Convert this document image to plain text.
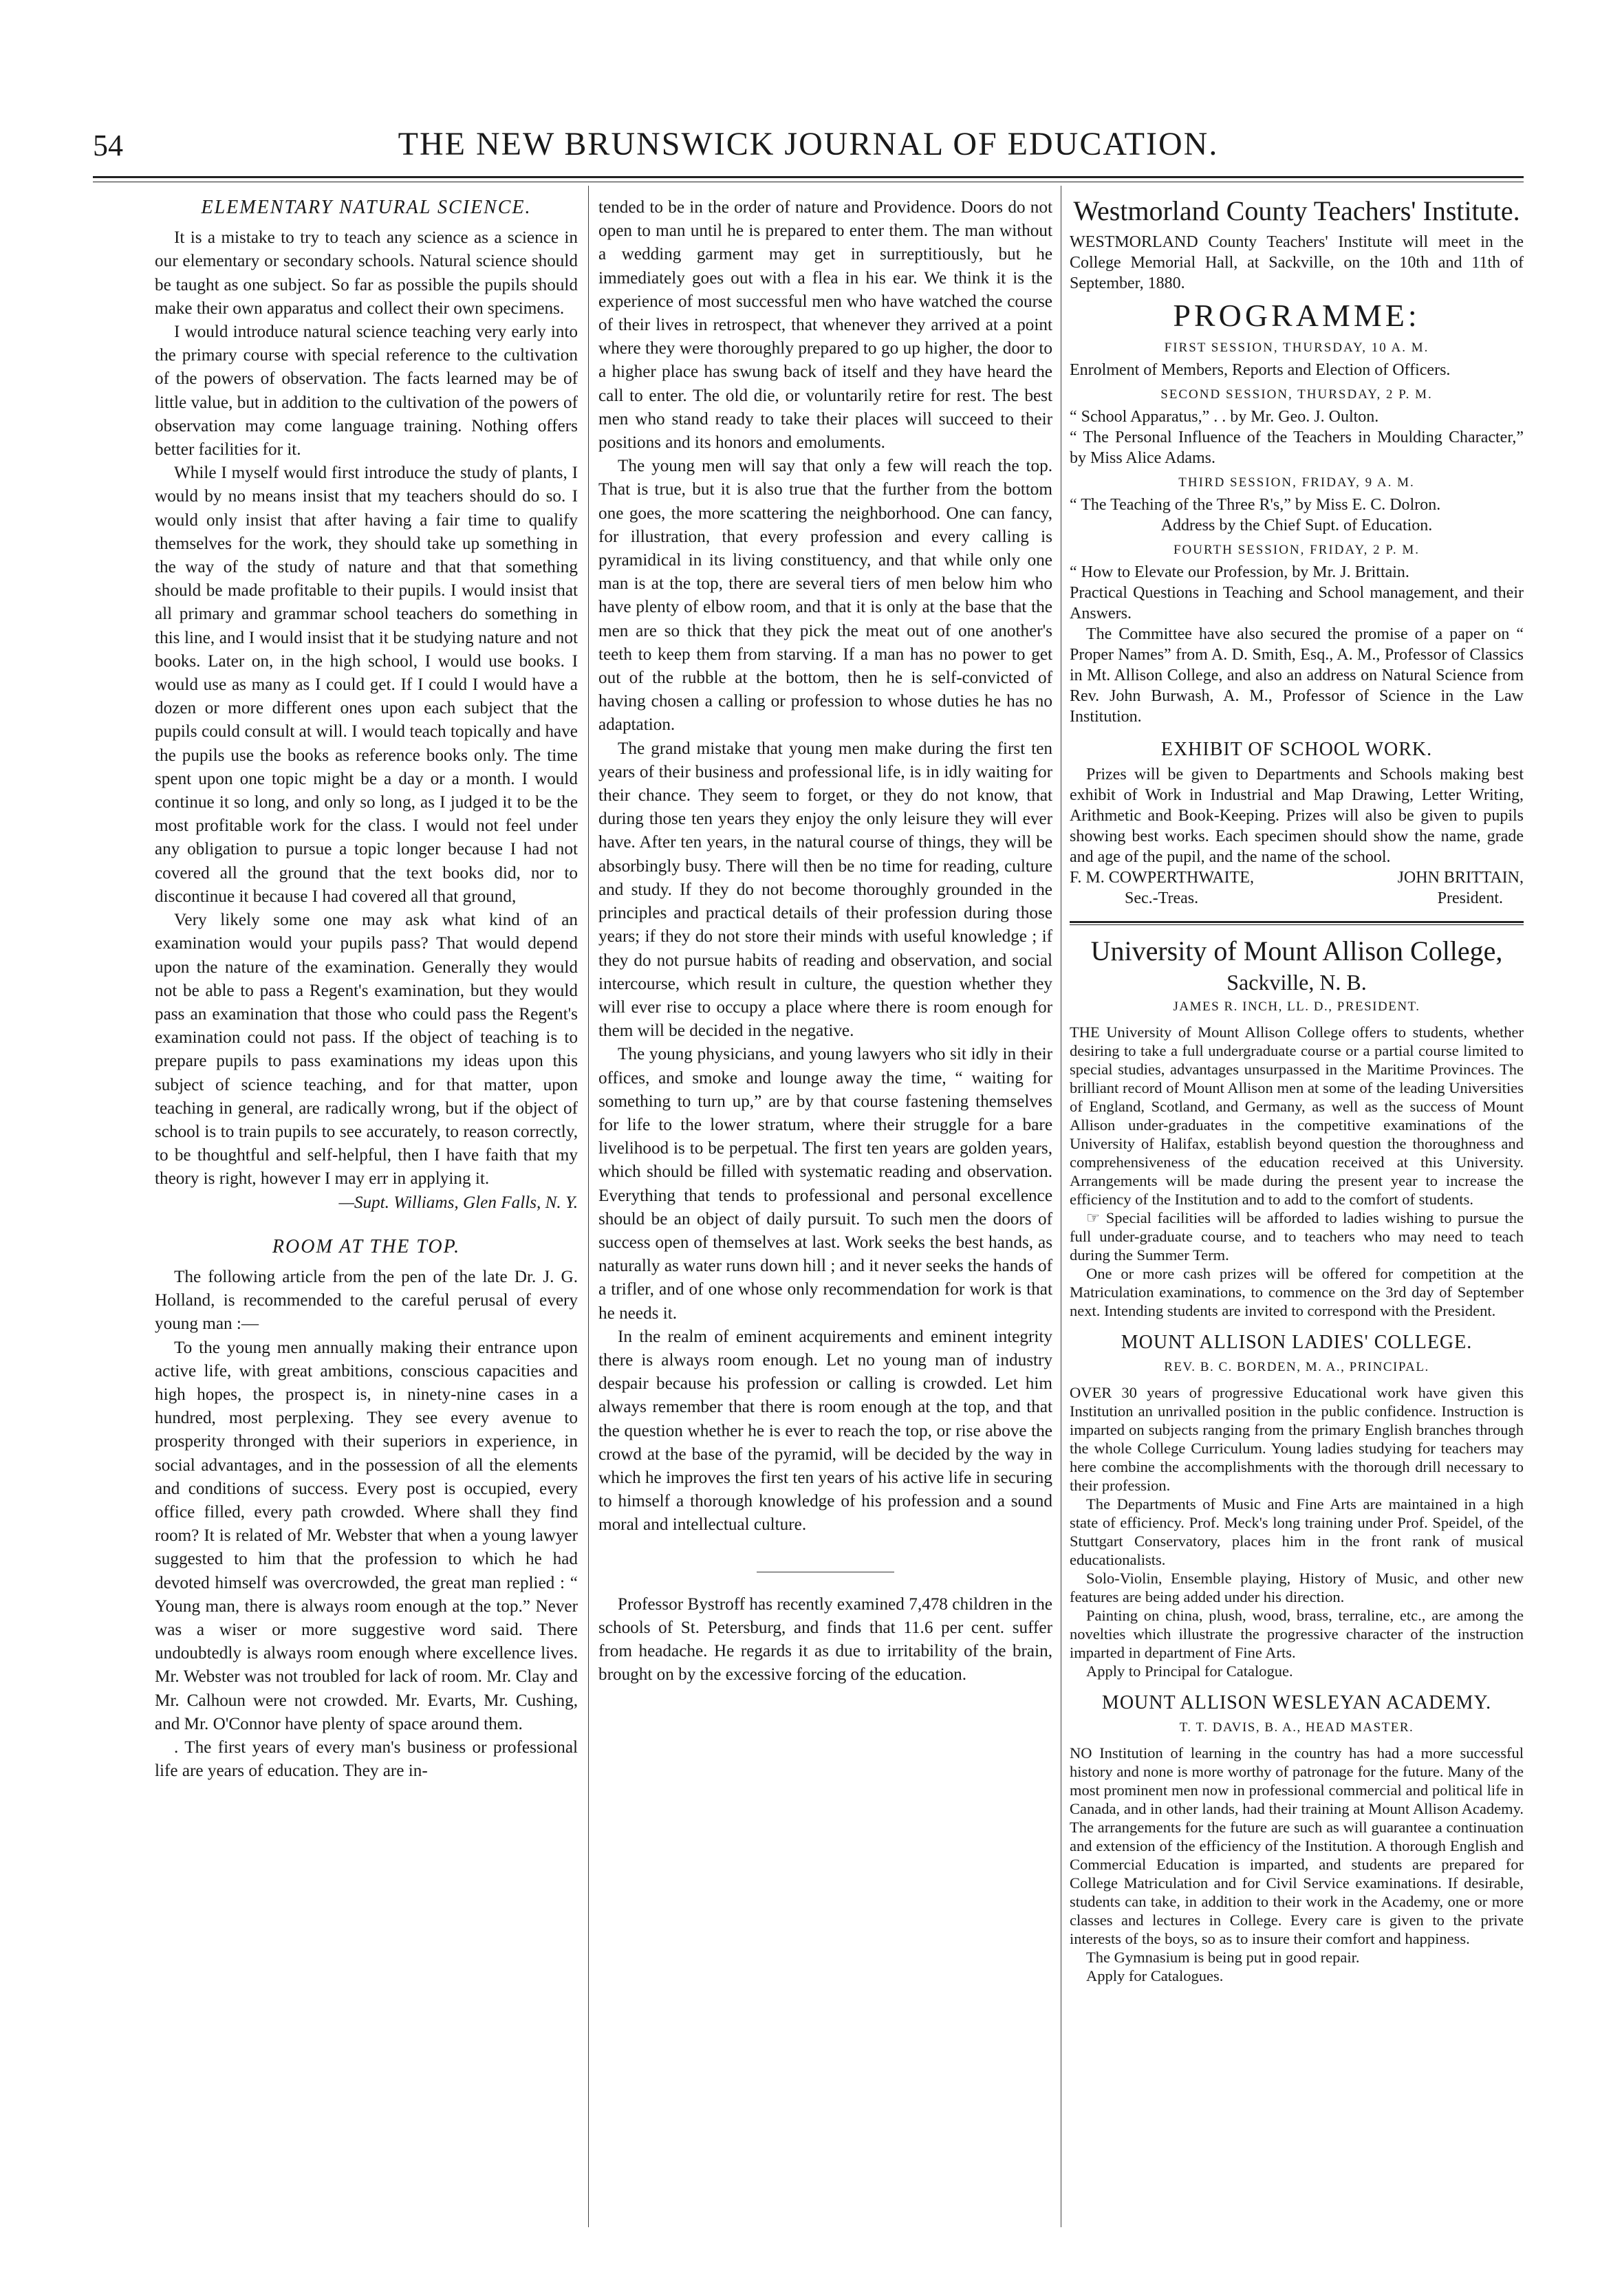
54	THE NEW BRUNSWICK JOURNAL OF EDUCATION.
ELEMENTARY NATURAL SCIENCE.

It is a mistake to try to teach any science as a science in our elementary or secondary schools. Natural science should be taught as one subject. So far as possible the pupils should make their own apparatus and collect their own specimens.

I would introduce natural science teaching very early into the primary course with special reference to the cultivation of the powers of observation. The facts learned may be of little value, but in addition to the cultivation of the powers of observation may come language training. Nothing offers better facilities for it.

While I myself would first introduce the study of plants, I would by no means insist that my teachers should do so. I would only insist that after having a fair time to qualify themselves for the work, they should take up something in the way of the study of nature and that that something should be made profitable to their pupils. I would insist that all primary and grammar school teachers do something in this line, and I would insist that it be studying nature and not books. Later on, in the high school, I would use books. I would use as many as I could get. If I could I would have a dozen or more different ones upon each subject that the pupils could consult at will. I would teach topically and have the pupils use the books as reference books only. The time spent upon one topic might be a day or a month. I would continue it so long, and only so long, as I judged it to be the most profitable work for the class. I would not feel under any obligation to pursue a topic longer because I had not covered all the ground that the text books did, nor to discontinue it because I had covered all that ground,

Very likely some one may ask what kind of an examination would your pupils pass? That would depend upon the nature of the examination. Generally they would not be able to pass a Regent's examination, but they would pass an examination that those who could pass the Regent's examination could not pass. If the object of teaching is to prepare pupils to pass examinations my ideas upon this subject of science teaching, and for that matter, upon teaching in general, are radically wrong, but if the object of school is to train pupils to see accurately, to reason correctly, to be thoughtful and self-helpful, then I have faith that my theory is right, however I may err in applying it.

—Supt. Williams, Glen Falls, N. Y.

ROOM AT THE TOP.

The following article from the pen of the late Dr. J. G. Holland, is recommended to the careful perusal of every young man :—

To the young men annually making their entrance upon active life, with great ambitions, conscious capacities and high hopes, the prospect is, in ninety-nine cases in a hundred, most perplexing. They see every avenue to prosperity thronged with their superiors in experience, in social advantages, and in the possession of all the elements and conditions of success. Every post is occupied, every office filled, every path crowded. Where shall they find room? It is related of Mr. Webster that when a young lawyer suggested to him that the profession to which he had devoted himself was overcrowded, the great man replied : “ Young man, there is always room enough at the top.” Never was a wiser or more suggestive word said. There undoubtedly is always room enough where excellence lives. Mr. Webster was not troubled for lack of room. Mr. Clay and Mr. Calhoun were not crowded. Mr. Evarts, Mr. Cushing, and Mr. O'Connor have plenty of space around them.

. The first years of every man's business or professional life are years of education. They are in-

tended to be in the order of nature and Providence. Doors do not open to man until he is prepared to enter them. The man without a wedding garment may get in surreptitiously, but he immediately goes out with a flea in his ear. We think it is the experience of most successful men who have watched the course of their lives in retrospect, that whenever they arrived at a point where they were thoroughly prepared to go up higher, the door to a higher place has swung back of itself and they have heard the call to enter. The old die, or voluntarily retire for rest. The best men who stand ready to take their places will succeed to their positions and its honors and emoluments.

The young men will say that only a few will reach the top. That is true, but it is also true that the further from the bottom one goes, the more scattering the neighborhood. One can fancy, for illustration, that every profession and every calling is pyramidical in its living constituency, and that while only one man is at the top, there are several tiers of men below him who have plenty of elbow room, and that it is only at the base that the men are so thick that they pick the meat out of one another's teeth to keep them from starving. If a man has no power to get out of the rubble at the bottom, then he is self-convicted of having chosen a calling or profession to whose duties he has no adaptation.

The grand mistake that young men make during the first ten years of their business and professional life, is in idly waiting for their chance. They seem to forget, or they do not know, that during those ten years they enjoy the only leisure they will ever have. After ten years, in the natural course of things, they will be absorbingly busy. There will then be no time for reading, culture and study. If they do not become thoroughly grounded in the principles and practical details of their profession during those years; if they do not store their minds with useful knowledge ; if they do not pursue habits of reading and observation, and social intercourse, which result in culture, the question whether they will ever rise to occupy a place where there is room enough for them will be decided in the negative.

The young physicians, and young lawyers who sit idly in their offices, and smoke and lounge away the time, “ waiting for something to turn up,” are by that course fastening themselves for life to the lower stratum, where their struggle for a bare livelihood is to be perpetual. The first ten years are golden years, which should be filled with systematic reading and observation. Everything that tends to professional and personal excellence should be an object of daily pursuit. To such men the doors of success open of themselves at last. Work seeks the best hands, as naturally as water runs down hill ; and it never seeks the hands of a trifler, and of one whose only recommendation for work is that he needs it.

In the realm of eminent acquirements and eminent integrity there is always room enough. Let no young man of industry despair because his profession or calling is crowded. Let him always remember that there is room enough at the top, and that the question whether he is ever to reach the top, or rise above the crowd at the base of the pyramid, will be decided by the way in which he improves the first ten years of his active life in securing to himself a thorough knowledge of his profession and a sound moral and intellectual culture.

Professor Bystroff has recently examined 7,478 children in the schools of St. Petersburg, and finds that 11.6 per cent. suffer from headache. He regards it as due to irritability of the brain, brought on by the excessive forcing of the education.

Westmorland County Teachers' Institute.

WESTMORLAND County Teachers' Institute will meet in the College Memorial Hall, at Sackville, on the 10th and 11th of September, 1880.

PROGRAMME:
FIRST SESSION, THURSDAY, 10 A. M.

Enrolment of Members, Reports and Election of Officers.

SECOND SESSION, THURSDAY, 2 P. M.

“ School Apparatus,” . . by Mr. Geo. J. Oulton.

“ The Personal Influence of the Teachers in Moulding Character,” by Miss Alice Adams.

THIRD SESSION, FRIDAY, 9 A. M.

“ The Teaching of the Three R's,” by Miss E. C. Dolron.

Address by the Chief Supt. of Education.

FOURTH SESSION, FRIDAY, 2 P. M.

“ How to Elevate our Profession, by Mr. J. Brittain.

Practical Questions in Teaching and School management, and their Answers.

The Committee have also secured the promise of a paper on “ Proper Names” from A. D. Smith, Esq., A. M., Professor of Classics in Mt. Allison College, and also an address on Natural Science from Rev. John Burwash, A. M., Professor of Science in the Law Institution.

EXHIBIT OF SCHOOL WORK.

Prizes will be given to Departments and Schools making best exhibit of Work in Industrial and Map Drawing, Letter Writing, Arithmetic and Book-Keeping. Prizes will also be given to pupils showing best works. Each specimen should show the name, grade and age of the pupil, and the name of the school.

F. M. COWPERTHWAITE,	JOHN BRITTAIN,
Sec.-Treas.	President.
University of Mount Allison College,
Sackville, N. B.
JAMES R. INCH, LL. D., PRESIDENT.

THE University of Mount Allison College offers to students, whether desiring to take a full undergraduate course or a partial course limited to special studies, advantages unsurpassed in the Maritime Provinces. The brilliant record of Mount Allison men at some of the leading Universities of England, Scotland, and Germany, as well as the success of Mount Allison under-graduates in the competitive examinations of the University of Halifax, establish beyond question the thoroughness and comprehensiveness of the education received at this University. Arrangements will be made during the present year to increase the efficiency of the Institution and to add to the comfort of students.

☞ Special facilities will be afforded to ladies wishing to pursue the full under-graduate course, and to teachers who may need to teach during the Summer Term.

One or more cash prizes will be offered for competition at the Matriculation examinations, to commence on the 3rd day of September next. Intending students are invited to correspond with the President.

MOUNT ALLISON LADIES' COLLEGE.
REV. B. C. BORDEN, M. A., PRINCIPAL.

OVER 30 years of progressive Educational work have given this Institution an unrivalled position in the public confidence. Instruction is imparted on subjects ranging from the primary English branches through the whole College Curriculum. Young ladies studying for teachers may here combine the accomplishments with the thorough drill necessary to their profession.

The Departments of Music and Fine Arts are maintained in a high state of efficiency. Prof. Meck's long training under Prof. Speidel, of the Stuttgart Conservatory, places him in the front rank of musical educationalists.

Solo-Violin, Ensemble playing, History of Music, and other new features are being added under his direction.

Painting on china, plush, wood, brass, terraline, etc., are among the novelties which illustrate the progressive character of the instruction imparted in department of Fine Arts.

Apply to Principal for Catalogue.

MOUNT ALLISON WESLEYAN ACADEMY.
T. T. DAVIS, B. A., HEAD MASTER.

NO Institution of learning in the country has had a more successful history and none is more worthy of patronage for the future. Many of the most prominent men now in professional commercial and political life in Canada, and in other lands, had their training at Mount Allison Academy. The arrangements for the future are such as will guarantee a continuation and extension of the efficiency of the Institution. A thorough English and Commercial Education is imparted, and students are prepared for College Matriculation and for Civil Service examinations. If desirable, students can take, in addition to their work in the Academy, one or more classes and lectures in College. Every care is given to the private interests of the boys, so as to insure their comfort and happiness.

The Gymnasium is being put in good repair.

Apply for Catalogues.
